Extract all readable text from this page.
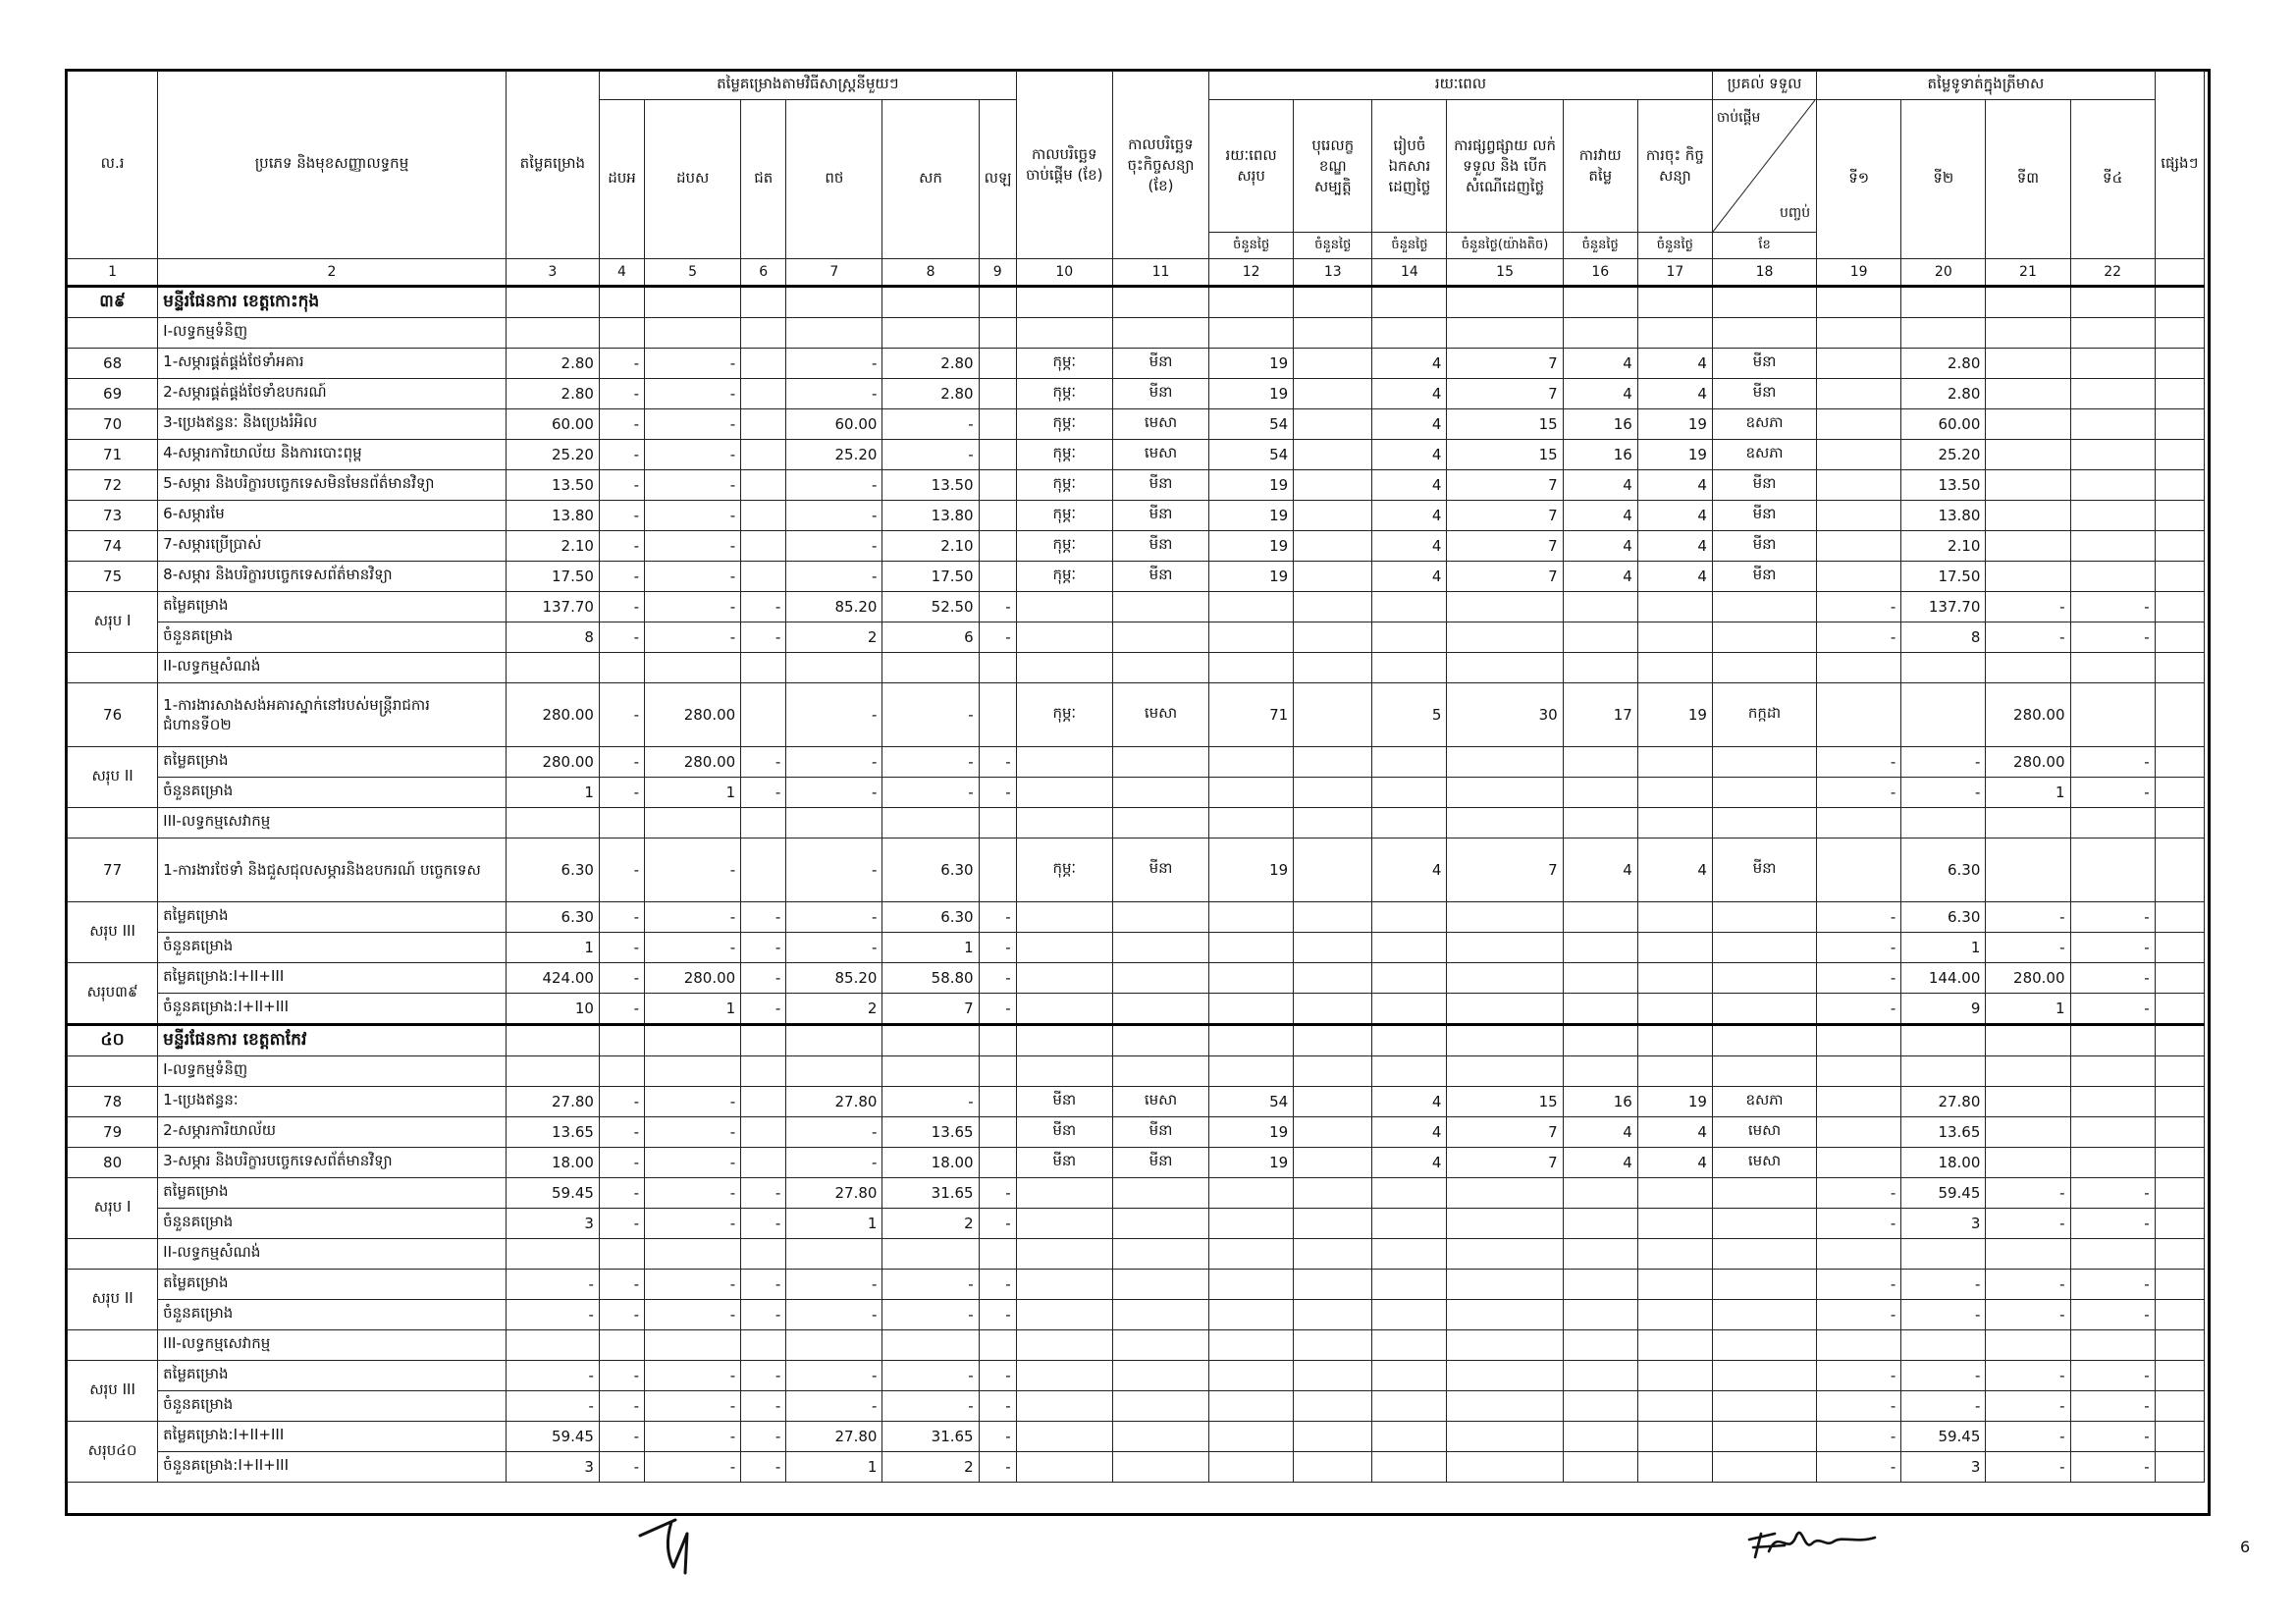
ល.រ	ប្រភេទ និងមុខសញ្ញាលទ្ធកម្ម	តម្លៃគម្រោង	តម្លៃគម្រោងតាមវិធីសាស្ត្រនីមួយៗ						កាលបរិច្ឆេទ ចាប់ផ្តើម (ខែ)	កាលបរិច្ឆេទ ចុះកិច្ចសន្យា (ខែ)	រយៈពេល						ប្រគល់ ទទួល	តម្លៃទូទាត់ក្នុងត្រីមាស				ផ្សេងៗ
			ដបអ	ដបស	ជត	ពថ	សក	លឡ			រយៈពេល សរុប	បុរេលក្ខខណ្ឌ សម្បត្តិ	រៀបចំ ឯកសារ ដេញថ្លៃ	ការផ្សព្វផ្សាយ លក់ ទទួល និង បើកសំណើដេញថ្លៃ	ការវាយ តម្លៃ	ការចុះ កិច្ចសន្យា	ចាប់ផ្តើម
បញ្ចប់	ទី១	ទី២	ទី៣	ទី៤	
											ចំនួនថ្ងៃ	ចំនួនថ្ងៃ	ចំនួនថ្ងៃ	ចំនួនថ្ងៃ(យ៉ាងតិច)	ចំនួនថ្ងៃ	ចំនួនថ្ងៃ	ខែ					
1	2	3	4	5	6	7	8	9	10	11	12	13	14	15	16	17	18	19	20	21	22	
៣៩	មន្ទីរផែនការ ខេត្តកោះកុង																					
	I-លទ្ធកម្មទំនិញ																					
68	1-សម្ភារផ្គត់ផ្គង់ថែទាំអគារ	2.80	-	-		-	2.80		កុម្ភៈ	មីនា	19		4	7	4	4	មីនា		2.80			
69	2-សម្ភារផ្គត់ផ្គង់ថែទាំឧបករណ៍	2.80	-	-		-	2.80		កុម្ភៈ	មីនា	19		4	7	4	4	មីនា		2.80			
70	3-ប្រេងឥន្ធនៈ និងប្រេងរំអិល	60.00	-	-		60.00	-		កុម្ភៈ	មេសា	54		4	15	16	19	ឧសភា		60.00			
71	4-សម្ភារការិយាល័យ និងការបោះពុម្ព	25.20	-	-		25.20	-		កុម្ភៈ	មេសា	54		4	15	16	19	ឧសភា		25.20			
72	5-សម្ភារ និងបរិក្ខារបច្ចេកទេសមិនមែនព័ត៌មានវិទ្យា	13.50	-	-		-	13.50		កុម្ភៈ	មីនា	19		4	7	4	4	មីនា		13.50			
73	6-សម្ភារមែ	13.80	-	-		-	13.80		កុម្ភៈ	មីនា	19		4	7	4	4	មីនា		13.80			
74	7-សម្ភារប្រើប្រាស់	2.10	-	-		-	2.10		កុម្ភៈ	មីនា	19		4	7	4	4	មីនា		2.10			
75	8-សម្ភារ និងបរិក្ខារបច្ចេកទេសព័ត៌មានវិទ្យា	17.50	-	-		-	17.50		កុម្ភៈ	មីនា	19		4	7	4	4	មីនា		17.50			
សរុប I	តម្លៃគម្រោង	137.70	-	-	-	85.20	52.50	-										-	137.70	-	-	
	ចំនួនគម្រោង	8	-	-	-	2	6	-										-	8	-	-	
	II-លទ្ធកម្មសំណង់																					
76	1-ការងារសាងសង់អគារស្នាក់នៅរបស់មន្ត្រីរាជការ ជំហានទី០២	280.00	-	280.00		-	-		កុម្ភៈ	មេសា	71		5	30	17	19	កក្កដា			280.00		
សរុប II	តម្លៃគម្រោង	280.00	-	280.00	-	-	-	-										-	-	280.00	-	
	ចំនួនគម្រោង	1	-	1	-	-	-	-										-	-	1	-	
	III-លទ្ធកម្មសេវាកម្ម																					
77	1-ការងារថែទាំ និងជួសជុលសម្ភារនិងឧបករណ៍ បច្ចេកទេស	6.30	-	-		-	6.30		កុម្ភៈ	មីនា	19		4	7	4	4	មីនា		6.30			
សរុប III	តម្លៃគម្រោង	6.30	-	-	-	-	6.30	-										-	6.30	-	-	
	ចំនួនគម្រោង	1	-	-	-	-	1	-										-	1	-	-	
សរុប៣៩	តម្លៃគម្រោង:I+II+III	424.00	-	280.00	-	85.20	58.80	-										-	144.00	280.00	-	
	ចំនួនគម្រោង:I+II+III	10	-	1	-	2	7	-										-	9	1	-	
៤០	មន្ទីរផែនការ ខេត្តតាកែវ																					
	I-លទ្ធកម្មទំនិញ																					
78	1-ប្រេងឥន្ធនៈ	27.80	-	-		27.80	-		មីនា	មេសា	54		4	15	16	19	ឧសភា		27.80			
79	2-សម្ភារការិយាល័យ	13.65	-	-		-	13.65		មីនា	មីនា	19		4	7	4	4	មេសា		13.65			
80	3-សម្ភារ និងបរិក្ខារបច្ចេកទេសព័ត៌មានវិទ្យា	18.00	-	-		-	18.00		មីនា	មីនា	19		4	7	4	4	មេសា		18.00			
សរុប I	តម្លៃគម្រោង	59.45	-	-	-	27.80	31.65	-										-	59.45	-	-	
	ចំនួនគម្រោង	3	-	-	-	1	2	-										-	3	-	-	
	II-លទ្ធកម្មសំណង់																					
សរុប II	តម្លៃគម្រោង	-	-	-	-	-	-	-										-	-	-	-	
	ចំនួនគម្រោង	-	-	-	-	-	-	-										-	-	-	-	
	III-លទ្ធកម្មសេវាកម្ម																					
សរុប III	តម្លៃគម្រោង	-	-	-	-	-	-	-										-	-	-	-	
	ចំនួនគម្រោង	-	-	-	-	-	-	-										-	-	-	-	
សរុប៤០	តម្លៃគម្រោង:I+II+III	59.45	-	-	-	27.80	31.65	-										-	59.45	-	-	
	ចំនួនគម្រោង:I+II+III	3	-	-	-	1	2	-										-	3	-	-	
6
